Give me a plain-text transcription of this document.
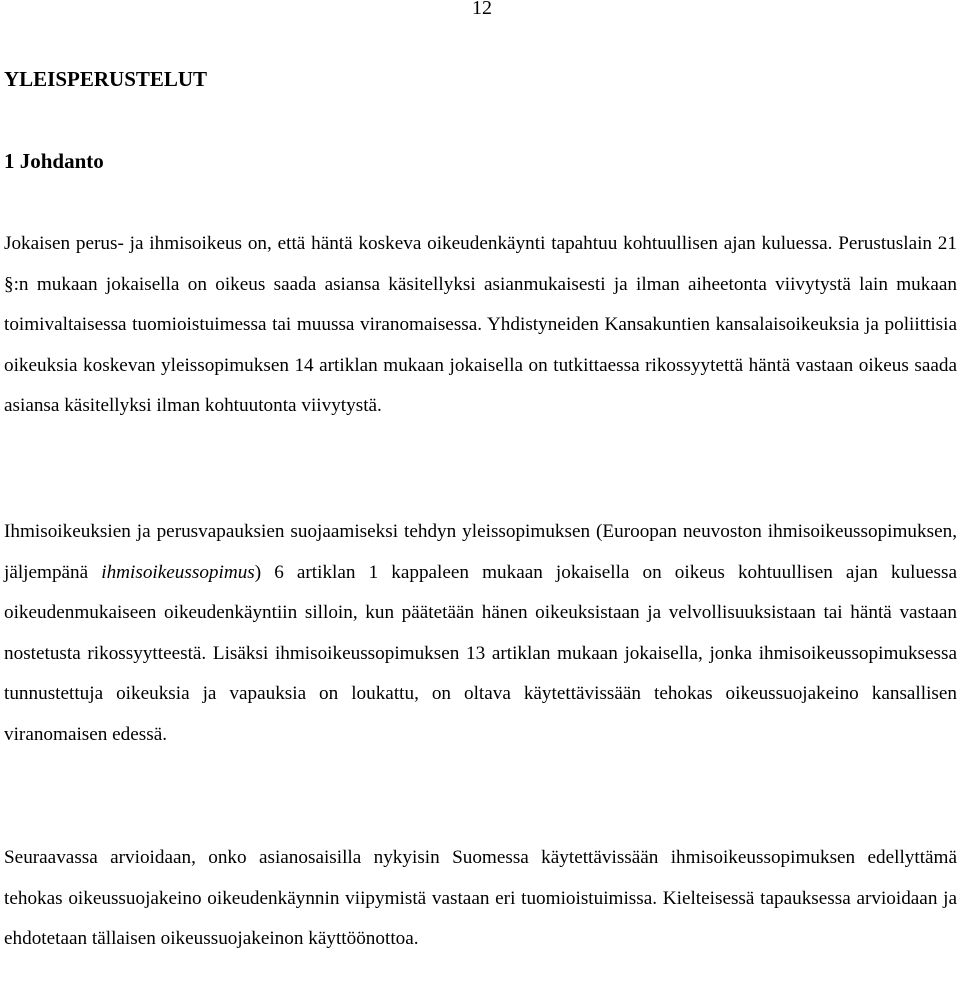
12
YLEISPERUSTELUT
1 Johdanto

Jokaisen perus- ja ihmisoikeus on, että häntä koskeva oikeudenkäynti tapahtuu kohtuullisen ajan kuluessa. Perustuslain 21 §:n mukaan jokaisella on oikeus saada asiansa käsitellyksi asianmukaisesti ja ilman aiheetonta viivytystä lain mukaan toimivaltaisessa tuomioistuimessa tai muussa viranomaisessa. Yhdistyneiden Kansakuntien kansalaisoikeuksia ja poliittisia oikeuksia koskevan yleissopimuksen 14 artiklan mukaan jokaisella on tutkittaessa rikossyytettä häntä vastaan oikeus saada asiansa käsitellyksi ilman kohtuutonta viivytystä.

Ihmisoikeuksien ja perusvapauksien suojaamiseksi tehdyn yleissopimuksen (Euroopan neuvoston ihmisoikeussopimuksen, jäljempänä ihmisoikeussopimus) 6 artiklan 1 kappaleen mukaan jokaisella on oikeus kohtuullisen ajan kuluessa oikeudenmukaiseen oikeudenkäyntiin silloin, kun päätetään hänen oikeuksistaan ja velvollisuuksistaan tai häntä vastaan nostetusta rikossyytteestä. Lisäksi ihmisoikeussopimuksen 13 artiklan mukaan jokaisella, jonka ihmisoikeussopimuksessa tunnustettuja oikeuksia ja vapauksia on loukattu, on oltava käytettävissään tehokas oikeussuojakeino kansallisen viranomaisen edessä.

Seuraavassa arvioidaan, onko asianosaisilla nykyisin Suomessa käytettävissään ihmisoikeussopimuksen edellyttämä tehokas oikeussuojakeino oikeudenkäynnin viipymistä vastaan eri tuomioistuimissa. Kielteisessä tapauksessa arvioidaan ja ehdotetaan tällaisen oikeussuojakeinon käyttöönottoa.
